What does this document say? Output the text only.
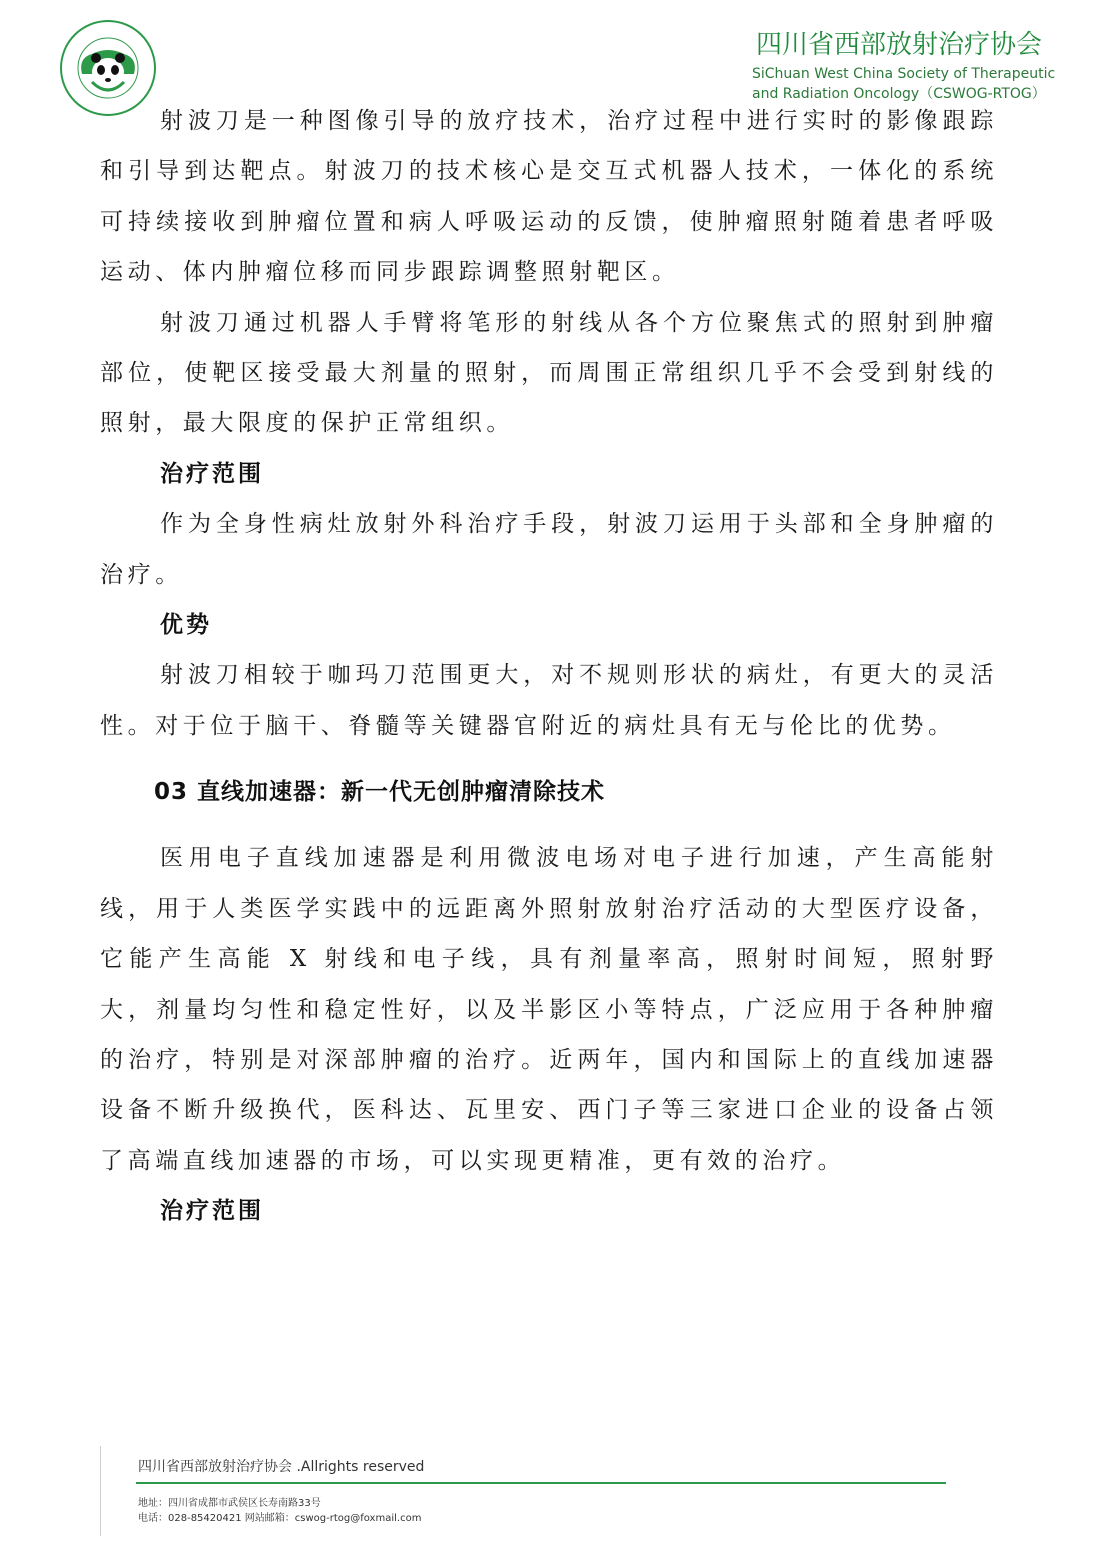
四川省西部放射治疗协会
SiChuan West China Society of Therapeutic
and Radiation Oncology（CSWOG-RTOG）

射波刀是一种图像引导的放疗技术，治疗过程中进行实时的影像跟踪和引导到达靶点。射波刀的技术核心是交互式机器人技术，一体化的系统可持续接收到肿瘤位置和病人呼吸运动的反馈，使肿瘤照射随着患者呼吸运动、体内肿瘤位移而同步跟踪调整照射靶区。

射波刀通过机器人手臂将笔形的射线从各个方位聚焦式的照射到肿瘤部位，使靶区接受最大剂量的照射，而周围正常组织几乎不会受到射线的照射，最大限度的保护正常组织。

治疗范围

作为全身性病灶放射外科治疗手段，射波刀运用于头部和全身肿瘤的治疗。

优势

射波刀相较于咖玛刀范围更大，对不规则形状的病灶，有更大的灵活性。对于位于脑干、脊髓等关键器官附近的病灶具有无与伦比的优势。

03 直线加速器：新一代无创肿瘤清除技术

医用电子直线加速器是利用微波电场对电子进行加速，产生高能射线，用于人类医学实践中的远距离外照射放射治疗活动的大型医疗设备，它能产生高能 X 射线和电子线，具有剂量率高，照射时间短，照射野大，剂量均匀性和稳定性好，以及半影区小等特点，广泛应用于各种肿瘤的治疗，特别是对深部肿瘤的治疗。近两年，国内和国际上的直线加速器设备不断升级换代，医科达、瓦里安、西门子等三家进口企业的设备占领了高端直线加速器的市场，可以实现更精准，更有效的治疗。

治疗范围

四川省西部放射治疗协会 .Allrights reserved
地址：四川省成都市武侯区长寿南路33号
电话：028-85420421 网站邮箱：cswog-rtog@foxmail.com
